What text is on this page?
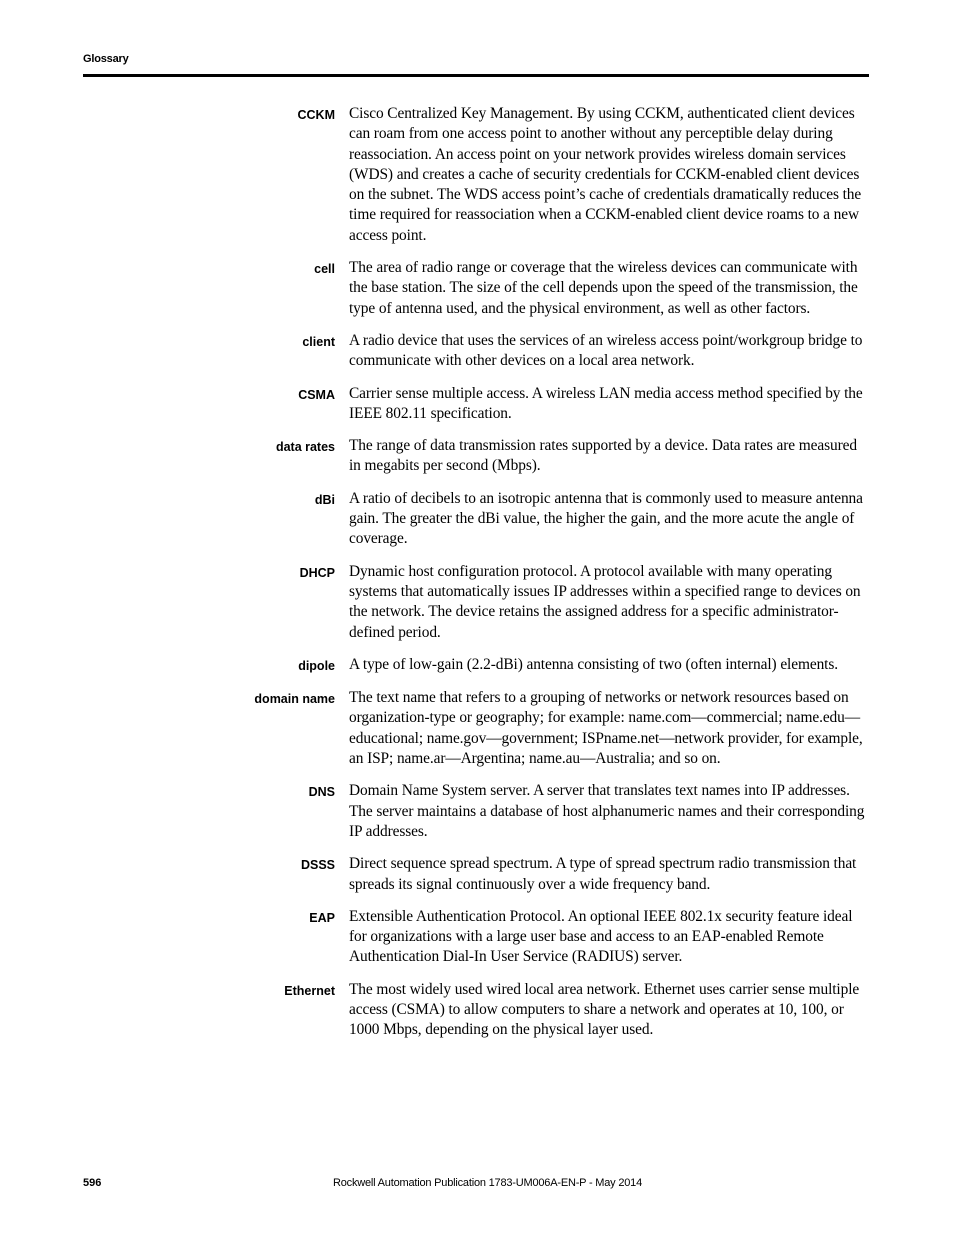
Glossary
CCKM Cisco Centralized Key Management. By using CCKM, authenticated client devices can roam from one access point to another without any perceptible delay during reassociation. An access point on your network provides wireless domain services (WDS) and creates a cache of security credentials for CCKM-enabled client devices on the subnet. The WDS access point’s cache of credentials dramatically reduces the time required for reassociation when a CCKM-enabled client device roams to a new access point.
cell The area of radio range or coverage that the wireless devices can communicate with the base station. The size of the cell depends upon the speed of the transmission, the type of antenna used, and the physical environment, as well as other factors.
client A radio device that uses the services of an wireless access point/workgroup bridge to communicate with other devices on a local area network.
CSMA Carrier sense multiple access. A wireless LAN media access method specified by the IEEE 802.11 specification.
data rates The range of data transmission rates supported by a device. Data rates are measured in megabits per second (Mbps).
dBi A ratio of decibels to an isotropic antenna that is commonly used to measure antenna gain. The greater the dBi value, the higher the gain, and the more acute the angle of coverage.
DHCP Dynamic host configuration protocol. A protocol available with many operating systems that automatically issues IP addresses within a specified range to devices on the network. The device retains the assigned address for a specific administrator-defined period.
dipole A type of low-gain (2.2-dBi) antenna consisting of two (often internal) elements.
domain name The text name that refers to a grouping of networks or network resources based on organization-type or geography; for example: name.com—commercial; name.edu—educational; name.gov—government; ISPname.net—network provider, for example, an ISP; name.ar—Argentina; name.au—Australia; and so on.
DNS Domain Name System server. A server that translates text names into IP addresses. The server maintains a database of host alphanumeric names and their corresponding IP addresses.
DSSS Direct sequence spread spectrum. A type of spread spectrum radio transmission that spreads its signal continuously over a wide frequency band.
EAP Extensible Authentication Protocol. An optional IEEE 802.1x security feature ideal for organizations with a large user base and access to an EAP-enabled Remote Authentication Dial-In User Service (RADIUS) server.
Ethernet The most widely used wired local area network. Ethernet uses carrier sense multiple access (CSMA) to allow computers to share a network and operates at 10, 100, or 1000 Mbps, depending on the physical layer used.
596	Rockwell Automation Publication 1783-UM006A-EN-P - May 2014
